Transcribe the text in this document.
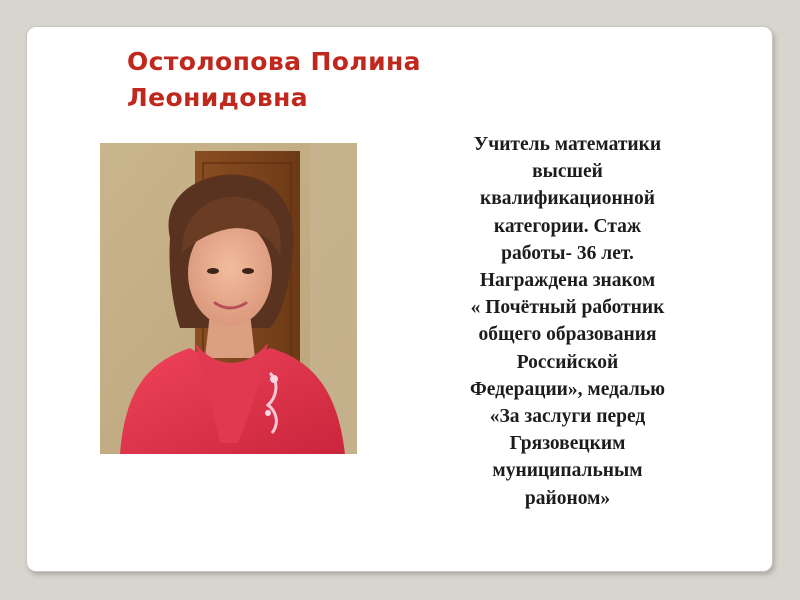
Остолопова Полина
Леонидовна

Учитель математики
высшей
квалификационной
категории. Стаж
работы- 36 лет.
Награждена знаком
« Почётный работник
общего образования
Российской
Федерации», медалью
«За заслуги перед
Грязовецким
муниципальным
районом»
